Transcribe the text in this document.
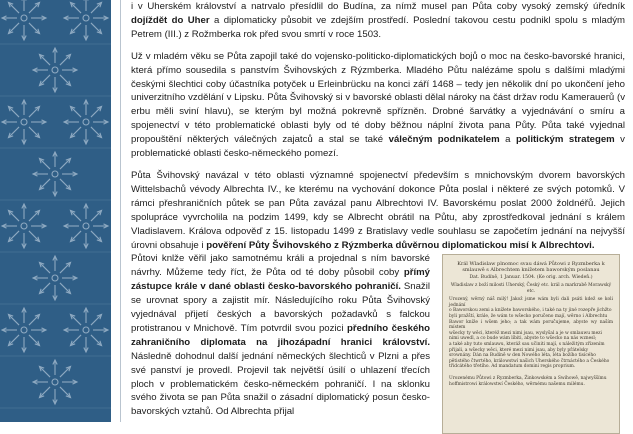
i v Uherském království a natrvalo přesídlil do Budína, za nímž musel pan Půta coby vysoký zemský úředník dojíždět do Uher a diplomaticky působit ve zdejším prostředí. Poslední takovou cestu podnikl spolu s mladým Petrem (III.) z Rožmberka rok před svou smrtí v roce 1503.

Už v mladém věku se Půta zapojil také do vojensko-politicko-diplomatických bojů o moc na česko-bavorské hranici, která přímo sousedila s panstvím Švihovských z Rýzmberka. Mladého Půtu nalézáme spolu s dalšími mladými českými šlechtici coby účastníka potyček u Erleinbrücku na konci září 1468 – tedy jen několik dní po ukončení jeho univerzitního vzdělání v Lipsku. Půta Švihovský si v bavorské oblasti dělal nároky na část držav rodu Kamerauerů (v erbu měli sviní hlavu), se kterým byl možná pokrevně spřízněn. Drobné šarvátky a vyjednávání o smíru a spojenectví v této problematické oblasti byly od té doby běžnou náplní života pana Půty. Půta také vyjednal propouštění některých válečných zajatců a stal se také válečným podnikatelem a politickým strategem v problematické oblasti česko-německého pomezí.

Půta Švihovský navázal v této oblasti významné spojenectví především s mnichovským dvorem bavorských Wittelsbachů vévody Albrechta IV., ke kterému na vychování dokonce Půta poslal i některé ze svých potomků. V rámci přeshraničních půtek se pan Půta zavázal panu Albrechtovi IV. Bavorskému poslat 2000 žoldnéřů. Jejich spolupráce vyvrcholila na podzim 1499, kdy se Albrecht obrátil na Půtu, aby zprostředkoval jednání s králem Vladislavem. Králova odpověď z 15. listopadu 1499 z Bratislavy vedle souhlasu se započetím jednání na nejvyšší úrovni obsahuje i pověření Půty Švihovského z Rýzmberka důvěrnou diplomatickou misí k Albrechtovi.
Půtovi knlže věřil jako samotnému králi a projednal s ním bavorské návrhy. Můžeme tedy říct, že Půta od té doby působil coby přímý zástupce krále v dané oblasti česko-bavorského pohraničí. Snažil se urovnat spory a zajistit mír. Následujícího roku Půta Švihovský vyjednával přijetí českých a bavorských požadavků s falckou protistranou v Mnichově. Tím potvrdil svou pozici předního českého zahraničního diplomata na jihozápadní hranici království. Následně dohodnul další jednání německých šlechticů v Plzni a přes své panství je provedl. Projevil tak největší úsilí o uhlazení třecích ploch v problematickém česko-německém pohraničí. I na sklonku svého života se pan Půta snažil o zásadní diplomatický posun česko-bavorských vztahů. Od Albrechta přijal

Král Wladislaw plnomoc svau dáwá Půtowi z Ryzmberka k smlauwě s Albrechtem knížetem baworským poslanau
Dat. Budíně, 1 Januar. 1504. (Ke orig. arch. Wiedeň.)
Wladislaw z boží milosti Uherský, Český etc. král a markrabě Morawský etc.
Urozený, wěrný náš milý! Jakož jsme wám byli dali psáti kdež se koli jednání
o Baworskou zemi a knížete baworského, i také na ty jiné rozepře jichžto
byli pražští, krále, že wám to wšecko poručeno mají, wěrno i Albrechtu
Bawor kníže i wšem jeho; a tak wám poručujeme, abyste wy naším místem
wšecky ty wěci, kteréž mezi nimi jsau, wyslyšal a je w smlauwu mezi
nimi uwedl, a co bude wám líbiti, abyste to wšecko na nás wznesl;
a také aby tuto smlauwu, kteráž sau učiniti mají, s náležitým zřízením
přijali, a wšecky wěci, které mezi nimi jsau, aby byly přátelsky
srownány. Dán na Budíně w den Nowého léta, léta božího tisícého
pětistého čtwrtého, králowstwí našich Uherského čtrnáctého a Českého
třidcátého třetího. Ad mandatum domini regis proprium.
Urozenému Půtowi z Ryzmberka, Žinkowském a Swihowě, najwyššímu
hoffmistrowi králowstwí Českého, wěrnému našemu milému.
